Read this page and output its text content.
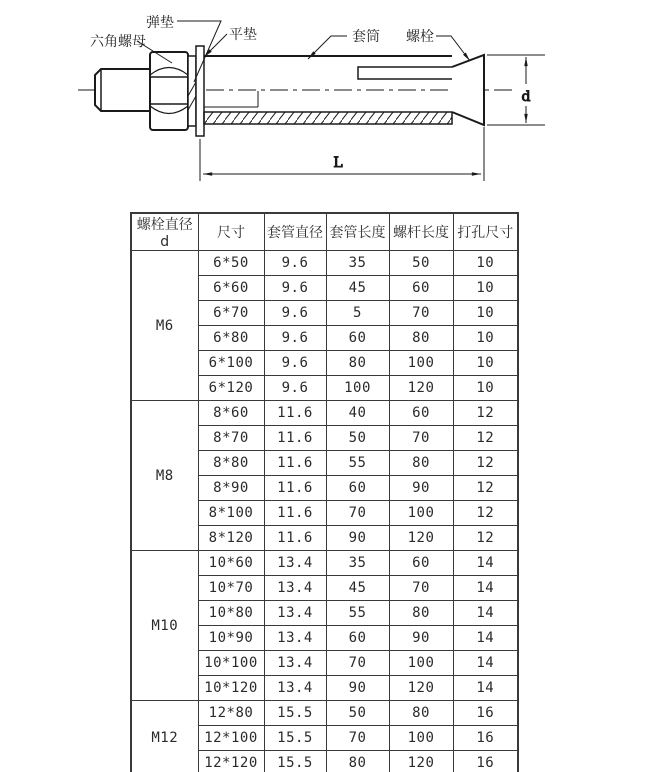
d
L
六角螺母
弹垫
平垫	套筒 螺栓
螺栓直径d	尺寸	套管直径	套管长度	螺杆长度	打孔尺寸
M6	6*50	9.6	35	50	10
	6*60	9.6	45	60	10
	6*70	9.6	5	70	10
	6*80	9.6	60	80	10
	6*100	9.6	80	100	10
	6*120	9.6	100	120	10
M8	8*60	11.6	40	60	12
	8*70	11.6	50	70	12
	8*80	11.6	55	80	12
	8*90	11.6	60	90	12
	8*100	11.6	70	100	12
	8*120	11.6	90	120	12
M10	10*60	13.4	35	60	14
	10*70	13.4	45	70	14
	10*80	13.4	55	80	14
	10*90	13.4	60	90	14
	10*100	13.4	70	100	14
	10*120	13.4	90	120	14
M12	12*80	15.5	50	80	16
	12*100	15.5	70	100	16
	12*120	15.5	80	120	16
